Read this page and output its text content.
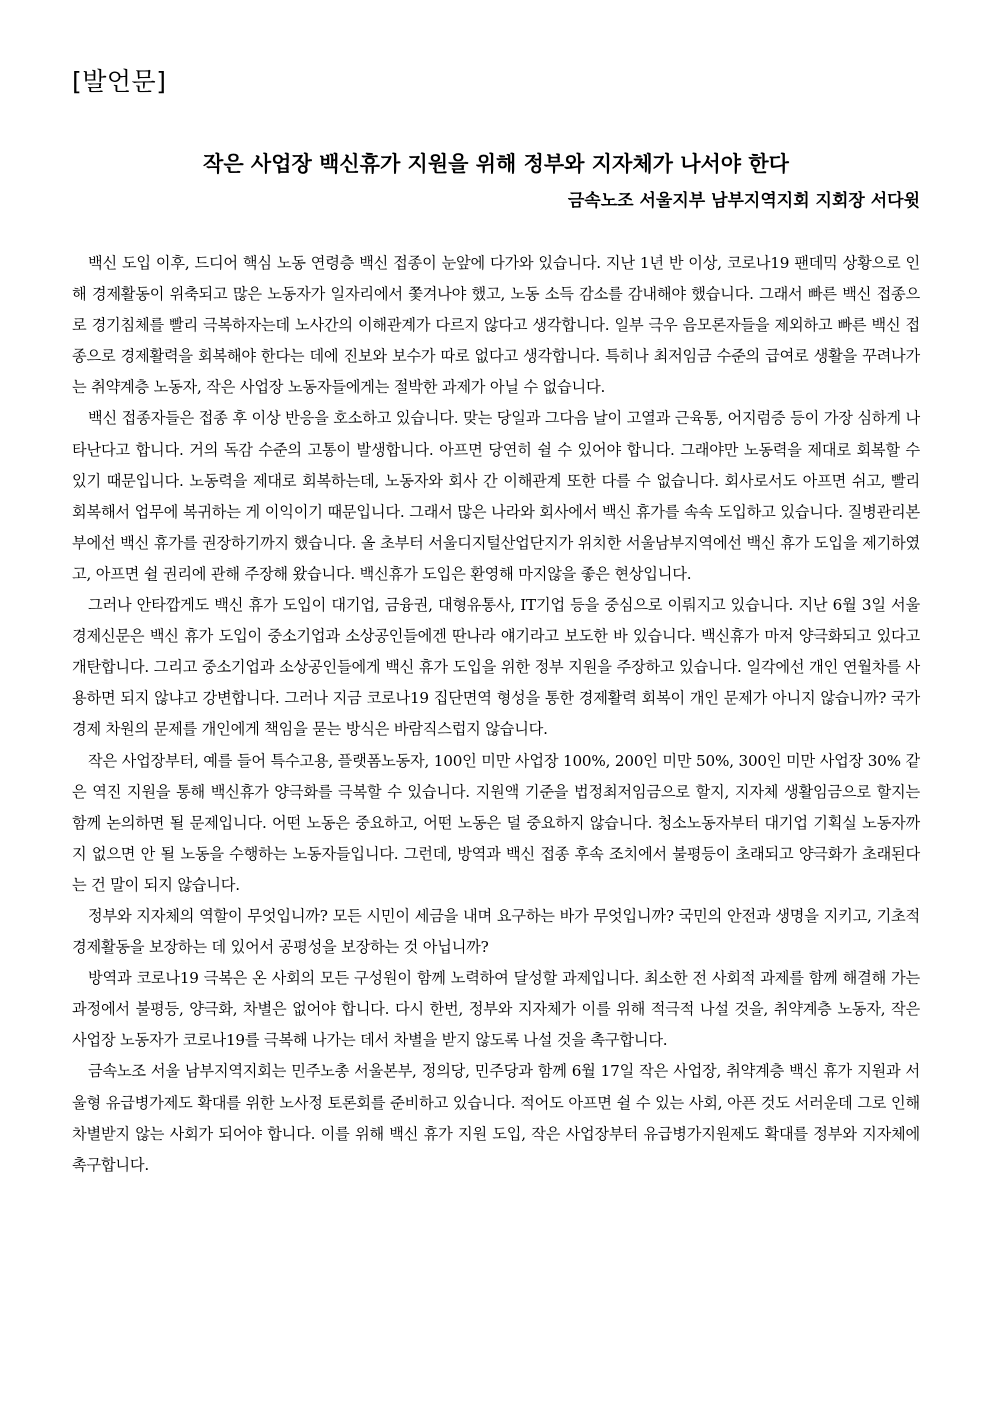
[발언문]
작은 사업장 백신휴가 지원을 위해 정부와 지자체가 나서야 한다
금속노조 서울지부 남부지역지회 지회장 서다윗

백신 도입 이후, 드디어 핵심 노동 연령층 백신 접종이 눈앞에 다가와 있습니다. 지난 1년 반 이상, 코로나19 팬데믹 상황으로 인해 경제활동이 위축되고 많은 노동자가 일자리에서 쫓겨나야 했고, 노동 소득 감소를 감내해야 했습니다. 그래서 빠른 백신 접종으로 경기침체를 빨리 극복하자는데 노사간의 이해관계가 다르지 않다고 생각합니다. 일부 극우 음모론자들을 제외하고 빠른 백신 접종으로 경제활력을 회복해야 한다는 데에 진보와 보수가 따로 없다고 생각합니다. 특히나 최저임금 수준의 급여로 생활을 꾸려나가는 취약계층 노동자, 작은 사업장 노동자들에게는 절박한 과제가 아닐 수 없습니다.

백신 접종자들은 접종 후 이상 반응을 호소하고 있습니다. 맞는 당일과 그다음 날이 고열과 근육통, 어지럼증 등이 가장 심하게 나타난다고 합니다. 거의 독감 수준의 고통이 발생합니다. 아프면 당연히 쉴 수 있어야 합니다. 그래야만 노동력을 제대로 회복할 수 있기 때문입니다. 노동력을 제대로 회복하는데, 노동자와 회사 간 이해관계 또한 다를 수 없습니다. 회사로서도 아프면 쉬고, 빨리 회복해서 업무에 복귀하는 게 이익이기 때문입니다. 그래서 많은 나라와 회사에서 백신 휴가를 속속 도입하고 있습니다. 질병관리본부에선 백신 휴가를 권장하기까지 했습니다. 올 초부터 서울디지털산업단지가 위치한 서울남부지역에선 백신 휴가 도입을 제기하였고, 아프면 쉴 권리에 관해 주장해 왔습니다. 백신휴가 도입은 환영해 마지않을 좋은 현상입니다.

그러나 안타깝게도 백신 휴가 도입이 대기업, 금융권, 대형유통사, IT기업 등을 중심으로 이뤄지고 있습니다. 지난 6월 3일 서울경제신문은 백신 휴가 도입이 중소기업과 소상공인들에겐 딴나라 얘기라고 보도한 바 있습니다. 백신휴가 마저 양극화되고 있다고 개탄합니다. 그리고 중소기업과 소상공인들에게 백신 휴가 도입을 위한 정부 지원을 주장하고 있습니다. 일각에선 개인 연월차를 사용하면 되지 않냐고 강변합니다. 그러나 지금 코로나19 집단면역 형성을 통한 경제활력 회복이 개인 문제가 아니지 않습니까? 국가 경제 차원의 문제를 개인에게 책임을 묻는 방식은 바람직스럽지 않습니다.

작은 사업장부터, 예를 들어 특수고용, 플랫폼노동자, 100인 미만 사업장 100%, 200인 미만 50%, 300인 미만 사업장 30% 같은 역진 지원을 통해 백신휴가 양극화를 극복할 수 있습니다. 지원액 기준을 법정최저임금으로 할지, 지자체 생활임금으로 할지는 함께 논의하면 될 문제입니다. 어떤 노동은 중요하고, 어떤 노동은 덜 중요하지 않습니다. 청소노동자부터 대기업 기획실 노동자까지 없으면 안 될 노동을 수행하는 노동자들입니다. 그런데, 방역과 백신 접종 후속 조치에서 불평등이 초래되고 양극화가 초래된다는 건 말이 되지 않습니다.

정부와 지자체의 역할이 무엇입니까? 모든 시민이 세금을 내며 요구하는 바가 무엇입니까? 국민의 안전과 생명을 지키고, 기초적 경제활동을 보장하는 데 있어서 공평성을 보장하는 것 아닙니까?

방역과 코로나19 극복은 온 사회의 모든 구성원이 함께 노력하여 달성할 과제입니다. 최소한 전 사회적 과제를 함께 해결해 가는 과정에서 불평등, 양극화, 차별은 없어야 합니다. 다시 한번, 정부와 지자체가 이를 위해 적극적 나설 것을, 취약계층 노동자, 작은 사업장 노동자가 코로나19를 극복해 나가는 데서 차별을 받지 않도록 나설 것을 촉구합니다.

금속노조 서울 남부지역지회는 민주노총 서울본부, 정의당, 민주당과 함께 6월 17일 작은 사업장, 취약계층 백신 휴가 지원과 서울형 유급병가제도 확대를 위한 노사정 토론회를 준비하고 있습니다. 적어도 아프면 쉴 수 있는 사회, 아픈 것도 서러운데 그로 인해 차별받지 않는 사회가 되어야 합니다. 이를 위해 백신 휴가 지원 도입, 작은 사업장부터 유급병가지원제도 확대를 정부와 지자체에 촉구합니다.
